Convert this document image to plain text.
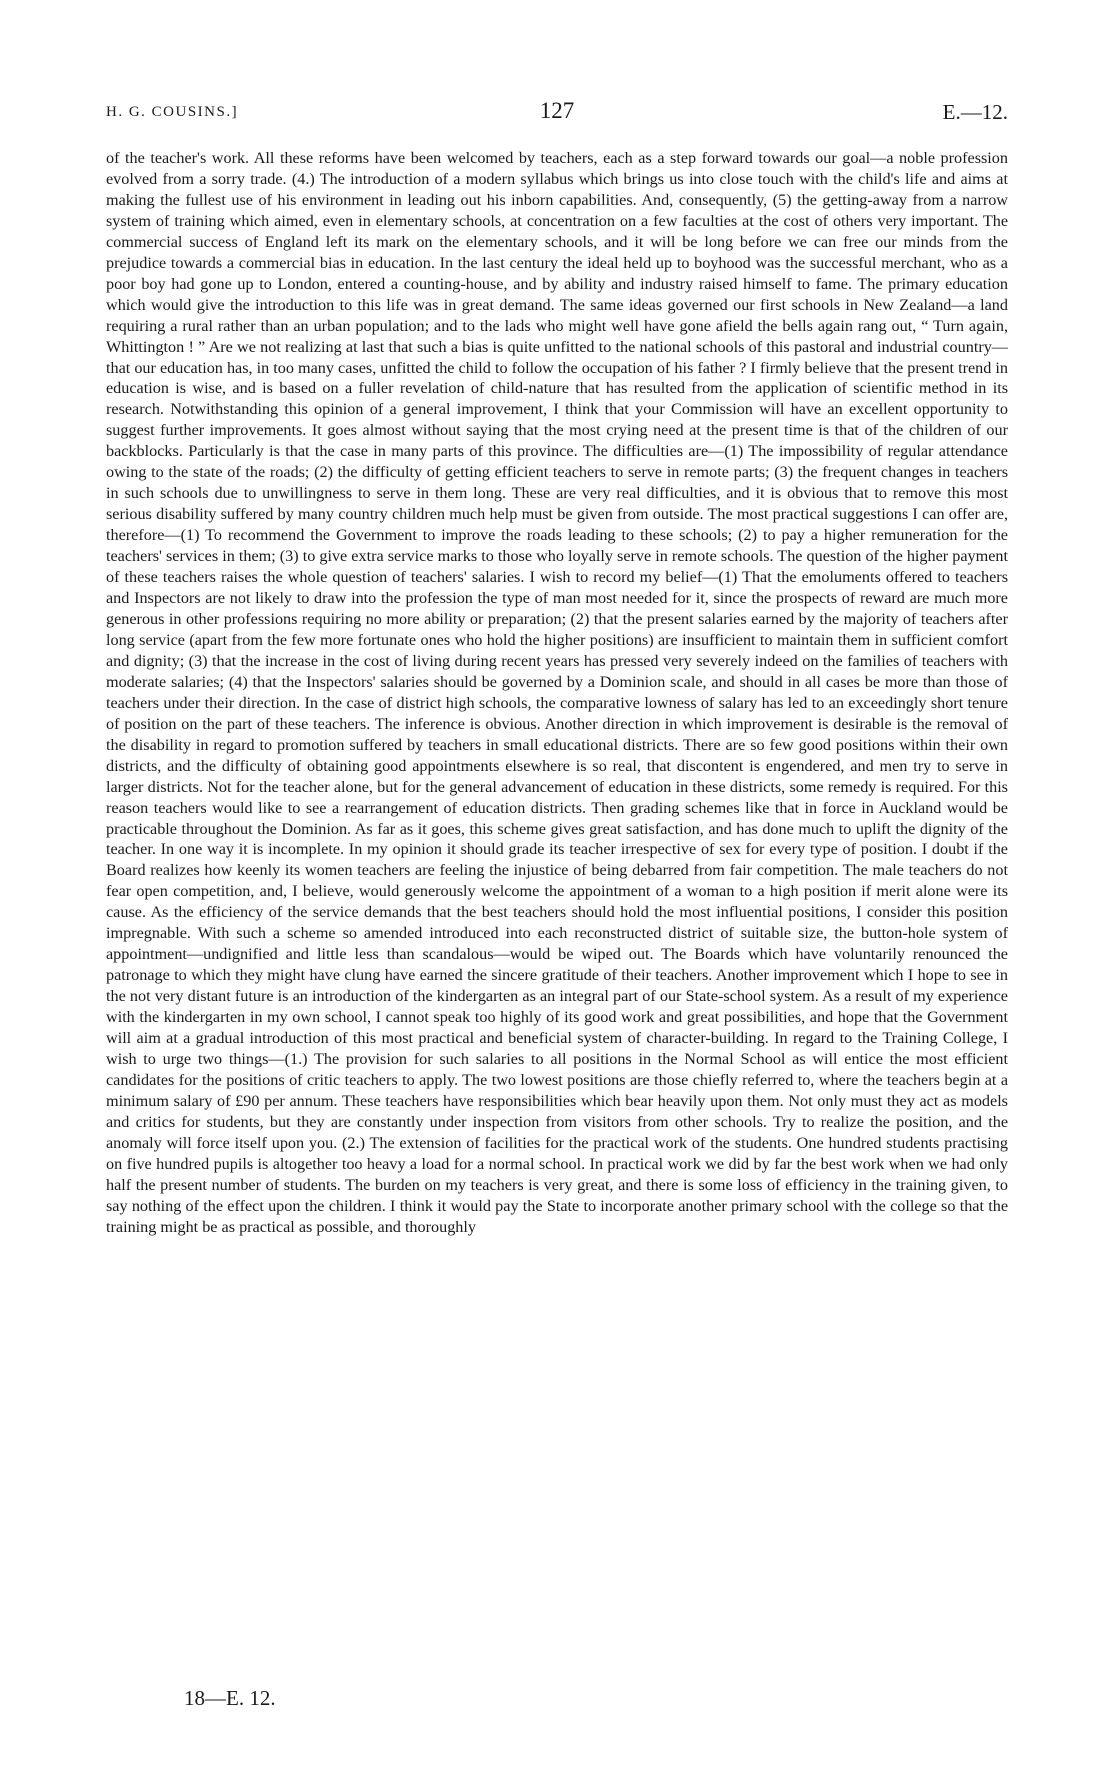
H. G. COUSINS.]	127	E.—12.

of the teacher's work. All these reforms have been welcomed by teachers, each as a step forward towards our goal—a noble profession evolved from a sorry trade. (4.) The introduction of a modern syllabus which brings us into close touch with the child's life and aims at making the fullest use of his environment in leading out his inborn capabilities. And, consequently, (5) the getting-away from a narrow system of training which aimed, even in elementary schools, at concentration on a few faculties at the cost of others very important. The commercial success of England left its mark on the elementary schools, and it will be long before we can free our minds from the prejudice towards a commercial bias in education. In the last century the ideal held up to boyhood was the successful merchant, who as a poor boy had gone up to London, entered a counting-house, and by ability and industry raised himself to fame. The primary education which would give the introduction to this life was in great demand. The same ideas governed our first schools in New Zealand—a land requiring a rural rather than an urban population; and to the lads who might well have gone afield the bells again rang out, “ Turn again, Whittington ! ” Are we not realizing at last that such a bias is quite unfitted to the national schools of this pastoral and industrial country—that our education has, in too many cases, unfitted the child to follow the occupation of his father ? I firmly believe that the present trend in education is wise, and is based on a fuller revelation of child-nature that has resulted from the application of scientific method in its research. Notwithstanding this opinion of a general improvement, I think that your Commission will have an excellent opportunity to suggest further improvements. It goes almost without saying that the most crying need at the present time is that of the children of our backblocks. Particularly is that the case in many parts of this province. The difficulties are—(1) The impossibility of regular attendance owing to the state of the roads; (2) the difficulty of getting efficient teachers to serve in remote parts; (3) the frequent changes in teachers in such schools due to unwillingness to serve in them long. These are very real difficulties, and it is obvious that to remove this most serious disability suffered by many country children much help must be given from outside. The most practical suggestions I can offer are, therefore—(1) To recommend the Government to improve the roads leading to these schools; (2) to pay a higher remuneration for the teachers' services in them; (3) to give extra service marks to those who loyally serve in remote schools. The question of the higher payment of these teachers raises the whole question of teachers' salaries. I wish to record my belief—(1) That the emoluments offered to teachers and Inspectors are not likely to draw into the profession the type of man most needed for it, since the prospects of reward are much more generous in other professions requiring no more ability or preparation; (2) that the present salaries earned by the majority of teachers after long service (apart from the few more fortunate ones who hold the higher positions) are insufficient to maintain them in sufficient comfort and dignity; (3) that the increase in the cost of living during recent years has pressed very severely indeed on the families of teachers with moderate salaries; (4) that the Inspectors' salaries should be governed by a Dominion scale, and should in all cases be more than those of teachers under their direction. In the case of district high schools, the comparative lowness of salary has led to an exceedingly short tenure of position on the part of these teachers. The inference is obvious. Another direction in which improvement is desirable is the removal of the disability in regard to promotion suffered by teachers in small educational districts. There are so few good positions within their own districts, and the difficulty of obtaining good appointments elsewhere is so real, that discontent is engendered, and men try to serve in larger districts. Not for the teacher alone, but for the general advancement of education in these districts, some remedy is required. For this reason teachers would like to see a rearrangement of education districts. Then grading schemes like that in force in Auckland would be practicable throughout the Dominion. As far as it goes, this scheme gives great satisfaction, and has done much to uplift the dignity of the teacher. In one way it is incomplete. In my opinion it should grade its teacher irrespective of sex for every type of position. I doubt if the Board realizes how keenly its women teachers are feeling the injustice of being debarred from fair competition. The male teachers do not fear open competition, and, I believe, would generously welcome the appointment of a woman to a high position if merit alone were its cause. As the efficiency of the service demands that the best teachers should hold the most influential positions, I consider this position impregnable. With such a scheme so amended introduced into each reconstructed district of suitable size, the button-hole system of appointment—undignified and little less than scandalous—would be wiped out. The Boards which have voluntarily renounced the patronage to which they might have clung have earned the sincere gratitude of their teachers. Another improvement which I hope to see in the not very distant future is an introduction of the kindergarten as an integral part of our State-school system. As a result of my experience with the kindergarten in my own school, I cannot speak too highly of its good work and great possibilities, and hope that the Government will aim at a gradual introduction of this most practical and beneficial system of character-building. In regard to the Training College, I wish to urge two things—(1.) The provision for such salaries to all positions in the Normal School as will entice the most efficient candidates for the positions of critic teachers to apply. The two lowest positions are those chiefly referred to, where the teachers begin at a minimum salary of £90 per annum. These teachers have responsibilities which bear heavily upon them. Not only must they act as models and critics for students, but they are constantly under inspection from visitors from other schools. Try to realize the position, and the anomaly will force itself upon you. (2.) The extension of facilities for the practical work of the students. One hundred students practising on five hundred pupils is altogether too heavy a load for a normal school. In practical work we did by far the best work when we had only half the present number of students. The burden on my teachers is very great, and there is some loss of efficiency in the training given, to say nothing of the effect upon the children. I think it would pay the State to incorporate another primary school with the college so that the training might be as practical as possible, and thoroughly

18—E. 12.
